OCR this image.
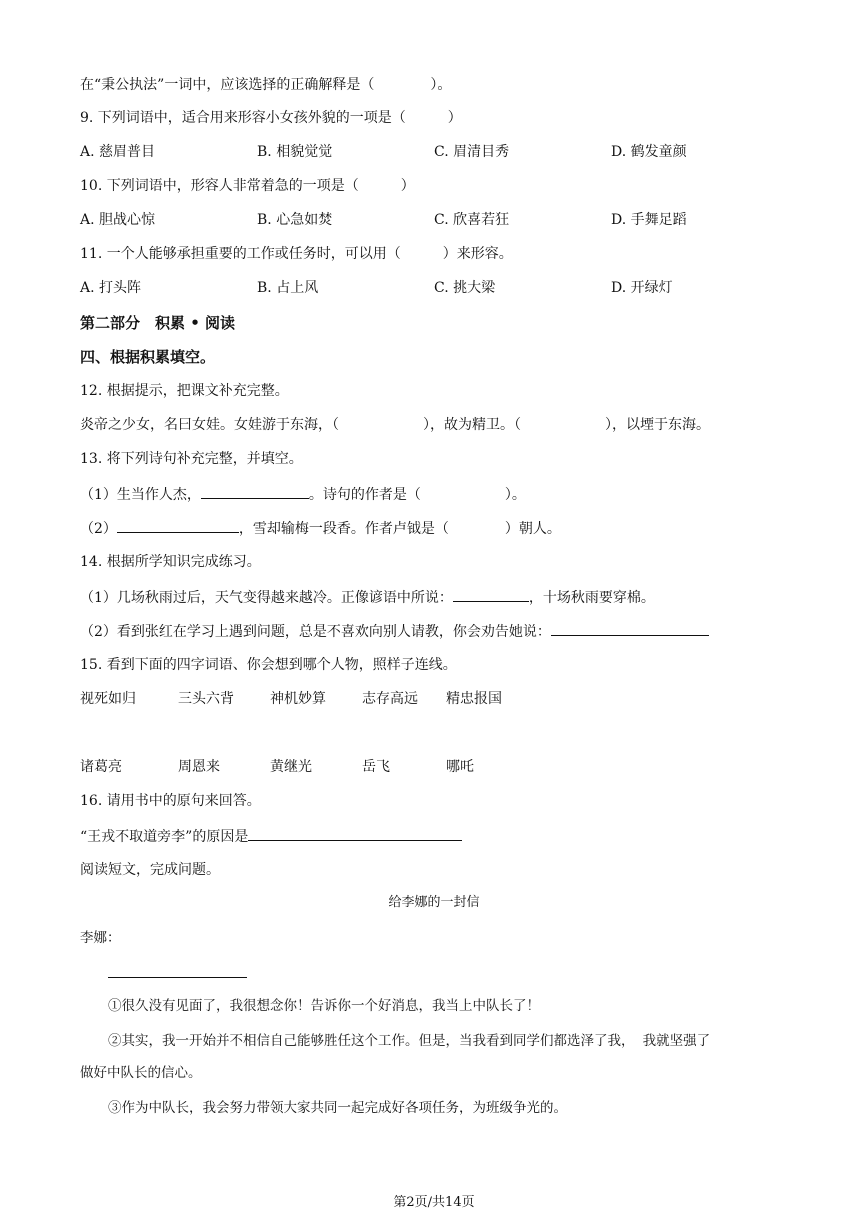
在“秉公执法”一词中，应该选择的正确解释是（　　　　）。
9. 下列词语中，适合用来形容小女孩外貌的一项是（　　　）
A. 慈眉普目	B. 相貌觉觉	C. 眉清目秀	D. 鹤发童颜
10. 下列词语中，形容人非常着急的一项是（　　　）
A. 胆战心惊	B. 心急如焚	C. 欣喜若狂	D. 手舞足蹈
11. 一个人能够承担重要的工作或任务时，可以用（　　　）来形容。
A. 打头阵	B. 占上风	C. 挑大梁	D. 开绿灯
第二部分　积累 • 阅读
四、根据积累填空。
12. 根据提示，把课文补充完整。
炎帝之少女，名曰女娃。女娃游于东海，（　　　　　　），故为精卫。（　　　　　　），以堙于东海。
13. 将下列诗句补充完整，并填空。
（1）生当作人杰，	。诗句的作者是（　　　　　　）。
（2）	，雪却输梅一段香。作者卢钺是（　　　　）朝人。
14. 根据所学知识完成练习。
（1）几场秋雨过后，天气变得越来越冷。正像谚语中所说：	，十场秋雨要穿棉。
（2）看到张红在学习上遇到问题，总是不喜欢向别人请教，你会劝告她说：
15. 看到下面的四字词语、你会想到哪个人物，照样子连线。
视死如归	三头六背	神机妙算	志存高远 精忠报国
诸葛亮	周恩来	黄继光	岳飞	哪吒
16. 请用书中的原句来回答。
“王戎不取道旁李”的原因是
阅读短文，完成问题。
给李娜的一封信
李娜：
①很久没有见面了，我很想念你！告诉你一个好消息，我当上中队长了！
②其实，我一开始并不相信自己能够胜任这个工作。但是，当我看到同学们都选泽了我， 我就坚强了
做好中队长的信心。
③作为中队长，我会努力带领大家共同一起完成好各项任务，为班级争光的。
第2页/共14页
